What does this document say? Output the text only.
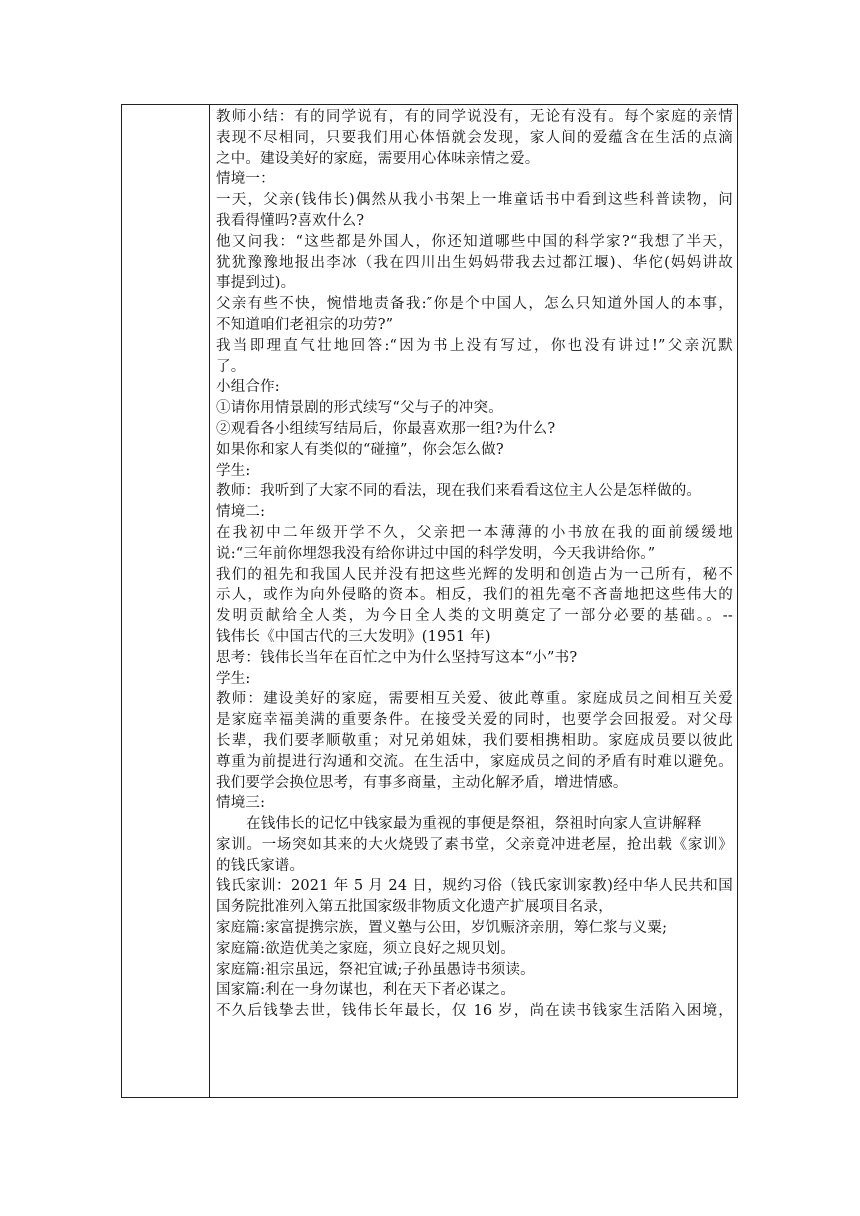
教师小结：有的同学说有，有的同学说没有，无论有没有。每个家庭的亲情

表现不尽相同，只要我们用心体悟就会发现，家人间的爱蕴含在生活的点滴

之中。建设美好的家庭，需要用心体味亲情之爱。

情境一：

一天，父亲(钱伟长)偶然从我小书架上一堆童话书中看到这些科普读物，问

我看得懂吗?喜欢什么?

他又问我：“这些都是外国人，你还知道哪些中国的科学家?“我想了半天，

犹犹豫豫地报出李冰（我在四川出生妈妈带我去过都江堰)、华佗(妈妈讲故

事提到过)。

父亲有些不快，惋惜地责备我:″你是个中国人，怎么只知道外国人的本事，

不知道咱们老祖宗的功劳?”

我当即理直气壮地回答:“因为书上没有写过，你也没有讲过!”父亲沉默

了。

小组合作:

①请你用情景剧的形式续写“父与子的冲突。

②观看各小组续写结局后，你最喜欢那一组?为什么?

如果你和家人有类似的“碰撞”，你会怎么做?

学生:

教师：我听到了大家不同的看法，现在我们来看看这位主人公是怎样做的。

情境二:

在我初中二年级开学不久，父亲把一本薄薄的小书放在我的面前缓缓地

说:“三年前你埋怨我没有给你讲过中国的科学发明，今天我讲给你。”

我们的祖先和我国人民并没有把这些光辉的发明和创造占为一己所有，秘不

示人，或作为向外侵略的资本。相反，我们的祖先毫不吝啬地把这些伟大的

发明贡献给全人类，为今日全人类的文明奠定了一部分必要的基础。。--

钱伟长《中国古代的三大发明》(1951 年)

思考：钱伟长当年在百忙之中为什么坚持写这本“小”书?

学生:

教师：建设美好的家庭，需要相互关爱、彼此尊重。家庭成员之间相互关爱

是家庭幸福美满的重要条件。在接受关爱的同时，也要学会回报爱。对父母

长辈，我们要孝顺敬重；对兄弟姐妹，我们要相携相助。家庭成员要以彼此

尊重为前提进行沟通和交流。在生活中，家庭成员之间的矛盾有时难以避免。

我们要学会换位思考，有事多商量，主动化解矛盾，增进情感。

情境三:

在钱伟长的记忆中钱家最为重视的事便是祭祖，祭祖时向家人宣讲解释

家训。一场突如其来的大火烧毁了素书堂，父亲竟冲进老屋，抢出载《家训》

的钱氏家谱。

钱氏家训：2021 年 5 月 24 日，规约习俗（钱氏家训家教)经中华人民共和国

国务院批准列入第五批国家级非物质文化遗产扩展项目名录，

家庭篇:家富提携宗族，置义塾与公田，岁饥赈济亲朋，筹仁浆与义粟;

家庭篇:欲造优美之家庭，须立良好之规贝划。

家庭篇:祖宗虽远，祭祀宜诚;子孙虽愚诗书须读。

国家篇:利在一身勿谋也，利在天下者必谋之。

不久后钱挚去世，钱伟长年最长，仅 16 岁，尚在读书钱家生活陷入困境，
